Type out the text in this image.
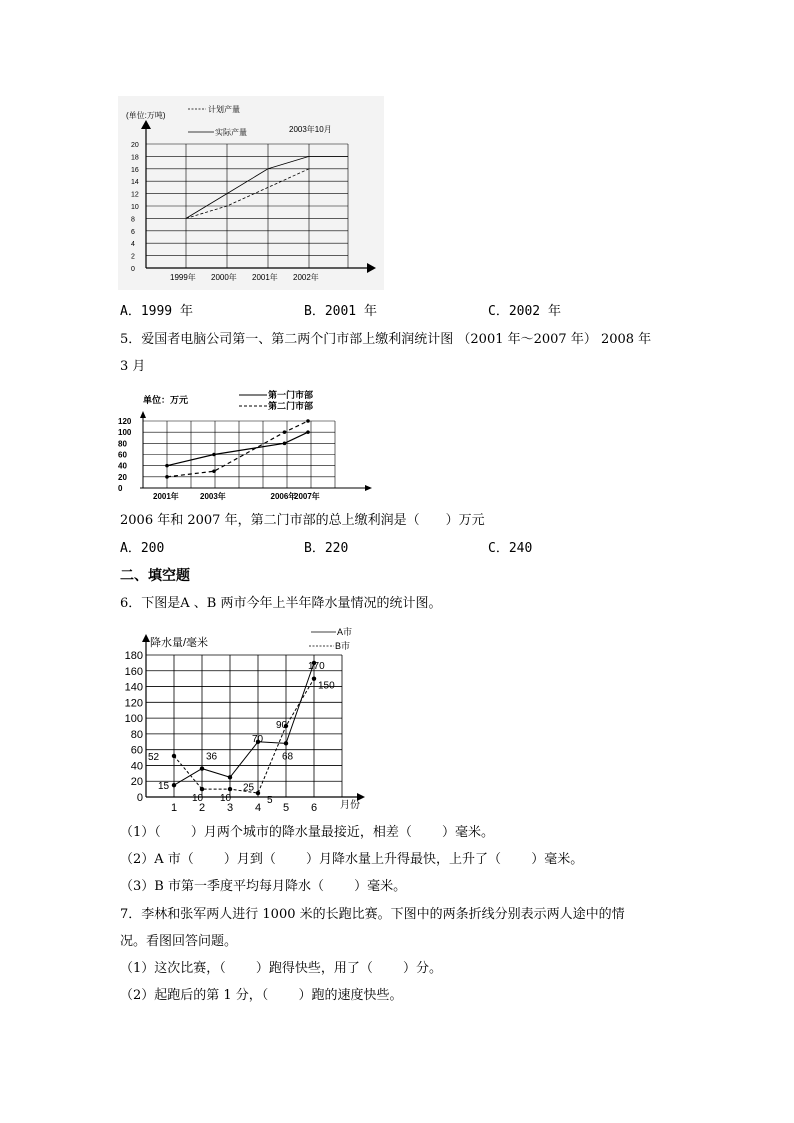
(单位:万吨)
计划产量
实际产量	2003年10月
0
2
4
6
8
10
12
14
16
18
20
1999年 2000年 2001年 2002年
A．1999 年	B．2001 年	C．2002 年
5．爱国者电脑公司第一、第二两个门市部上缴利润统计图 （2001 年～2007 年） 2008 年
3 月
单位：万元	第一门市部
第二门市部
0
20
40
60
80
100
120
2001年	2003年	2006年
2007年
2006 年和 2007 年，第二门市部的总上缴利润是（　　）万元
A．200	B．220	C．240
二、填空题
6．下图是A 、B 两市今年上半年降水量情况的统计图。
降水量/毫米
A市
B市
0
20
40
60
80
100
120
140
160
180
1 2 3 4 5 6
15
36
25
70
68
170
52
10 10	5
90
150
月份
（1）（　　 ）月两个城市的降水量最接近，相差（　　 ）毫米。
（2）A 市（　　 ）月到（　　 ）月降水量上升得最快，上升了（　　 ）毫米。
（3）B 市第一季度平均每月降水（　　 ）毫米。
7．李林和张军两人进行 1000 米的长跑比赛。下图中的两条折线分别表示两人途中的情
况。看图回答问题。
（1）这次比赛，（　　 ）跑得快些，用了（　　 ）分。
（2）起跑后的第 1 分，（　　 ）跑的速度快些。
